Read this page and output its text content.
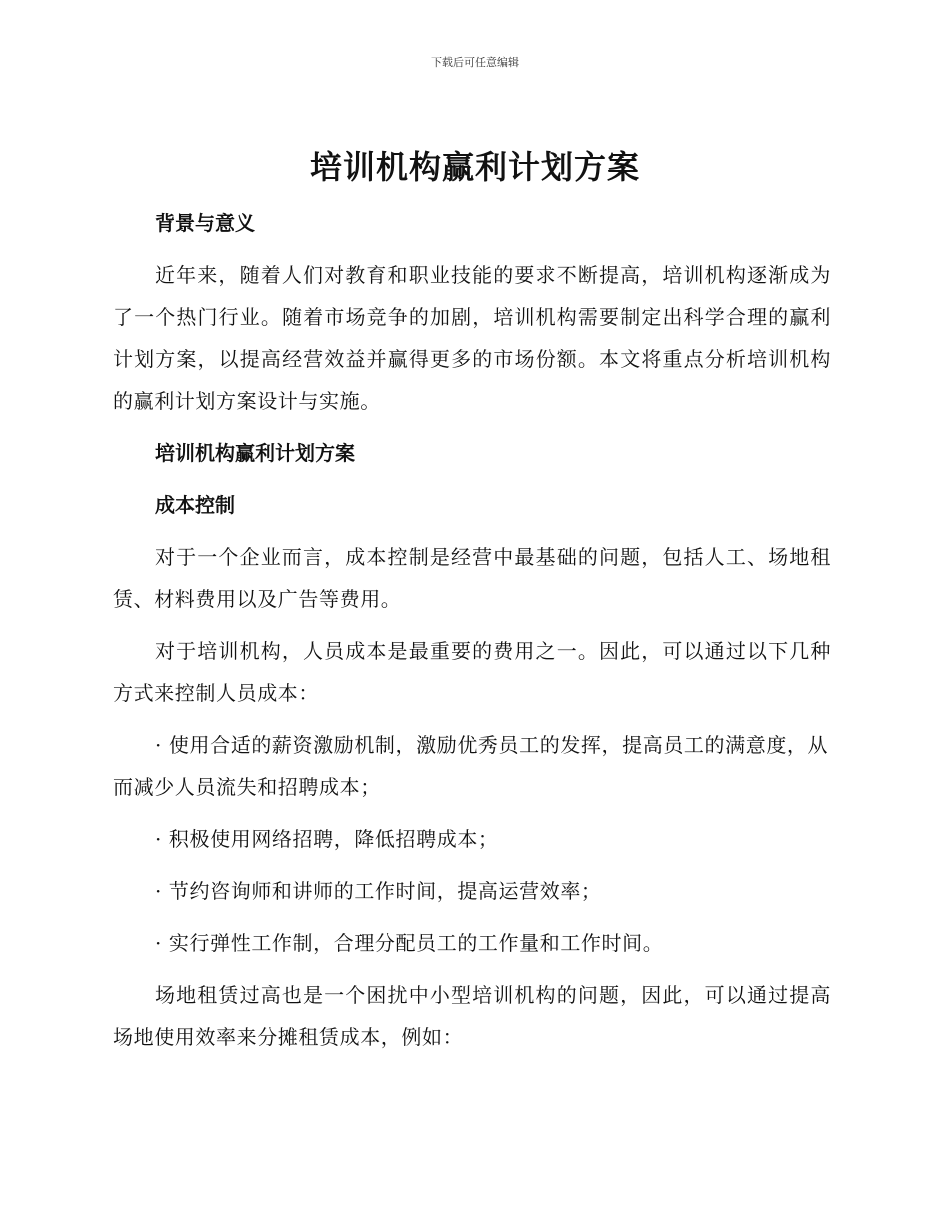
下载后可任意编辑
培训机构赢利计划方案

背景与意义

近年来，随着人们对教育和职业技能的要求不断提高，培训机构逐渐成为了一个热门行业。随着市场竞争的加剧，培训机构需要制定出科学合理的赢利计划方案，以提高经营效益并赢得更多的市场份额。本文将重点分析培训机构的赢利计划方案设计与实施。

培训机构赢利计划方案

成本控制

对于一个企业而言，成本控制是经营中最基础的问题，包括人工、场地租赁、材料费用以及广告等费用。

对于培训机构，人员成本是最重要的费用之一。因此，可以通过以下几种方式来控制人员成本：

· 使用合适的薪资激励机制，激励优秀员工的发挥，提高员工的满意度，从而减少人员流失和招聘成本；

· 积极使用网络招聘，降低招聘成本；

· 节约咨询师和讲师的工作时间，提高运营效率；

· 实行弹性工作制，合理分配员工的工作量和工作时间。

场地租赁过高也是一个困扰中小型培训机构的问题，因此，可以通过提高场地使用效率来分摊租赁成本，例如：
